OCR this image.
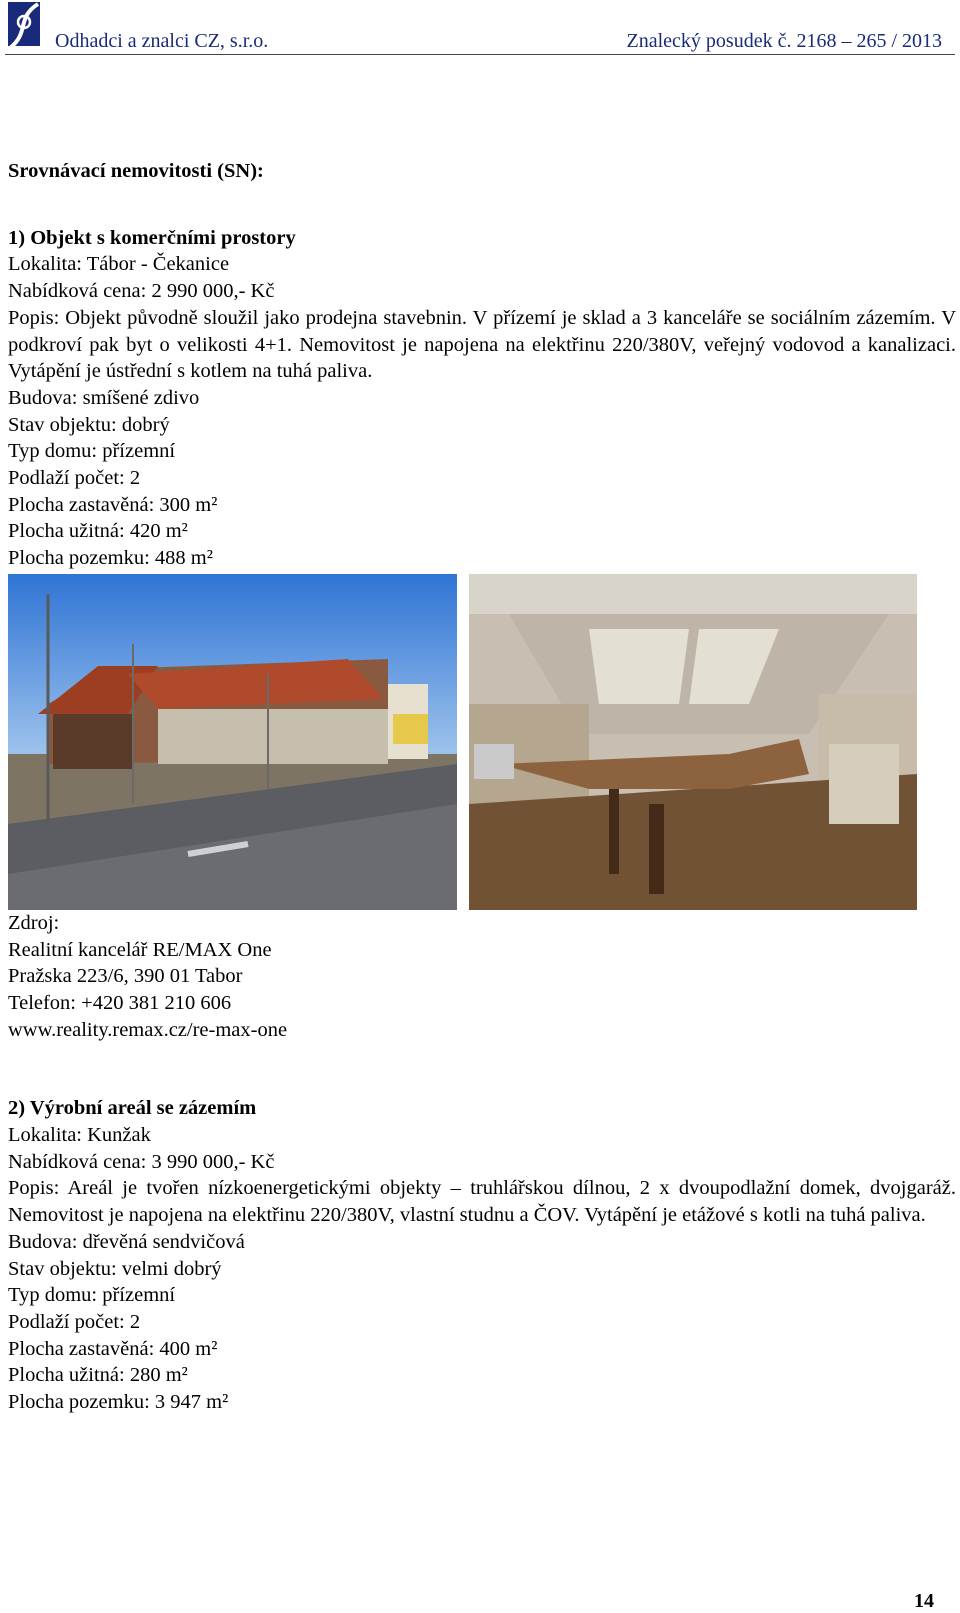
Odhadci a znalci CZ, s.r.o.	Znalecký posudek č. 2168 – 265 / 2013

Srovnávací nemovitosti (SN):

1) Objekt s komerčními prostory

Lokalita: Tábor - Čekanice

Nabídková cena: 2 990 000,- Kč

Popis: Objekt původně sloužil jako prodejna stavebnin. V přízemí je sklad a 3 kanceláře se sociálním zázemím. V podkroví pak byt o velikosti 4+1. Nemovitost je napojena na elektřinu 220/380V, veřejný vodovod a kanalizaci. Vytápění je ústřední s kotlem na tuhá paliva.

Budova: smíšené zdivo

Stav objektu: dobrý

Typ domu: přízemní

Podlaží počet: 2

Plocha zastavěná: 300 m²

Plocha užitná: 420 m²

Plocha pozemku: 488 m²

Zdroj:

Realitní kancelář RE/MAX One

Pražska 223/6, 390 01 Tabor

Telefon: +420 381 210 606

www.reality.remax.cz/re-max-one

2) Výrobní areál se zázemím

Lokalita: Kunžak

Nabídková cena: 3 990 000,- Kč

Popis: Areál je tvořen nízkoenergetickými objekty – truhlářskou dílnou, 2 x dvoupodlažní domek, dvojgaráž. Nemovitost je napojena na elektřinu 220/380V, vlastní studnu a ČOV. Vytápění je etážové s kotli na tuhá paliva.

Budova: dřevěná sendvičová

Stav objektu: velmi dobrý

Typ domu: přízemní

Podlaží počet: 2

Plocha zastavěná: 400 m²

Plocha užitná: 280 m²

Plocha pozemku: 3 947 m²

14
